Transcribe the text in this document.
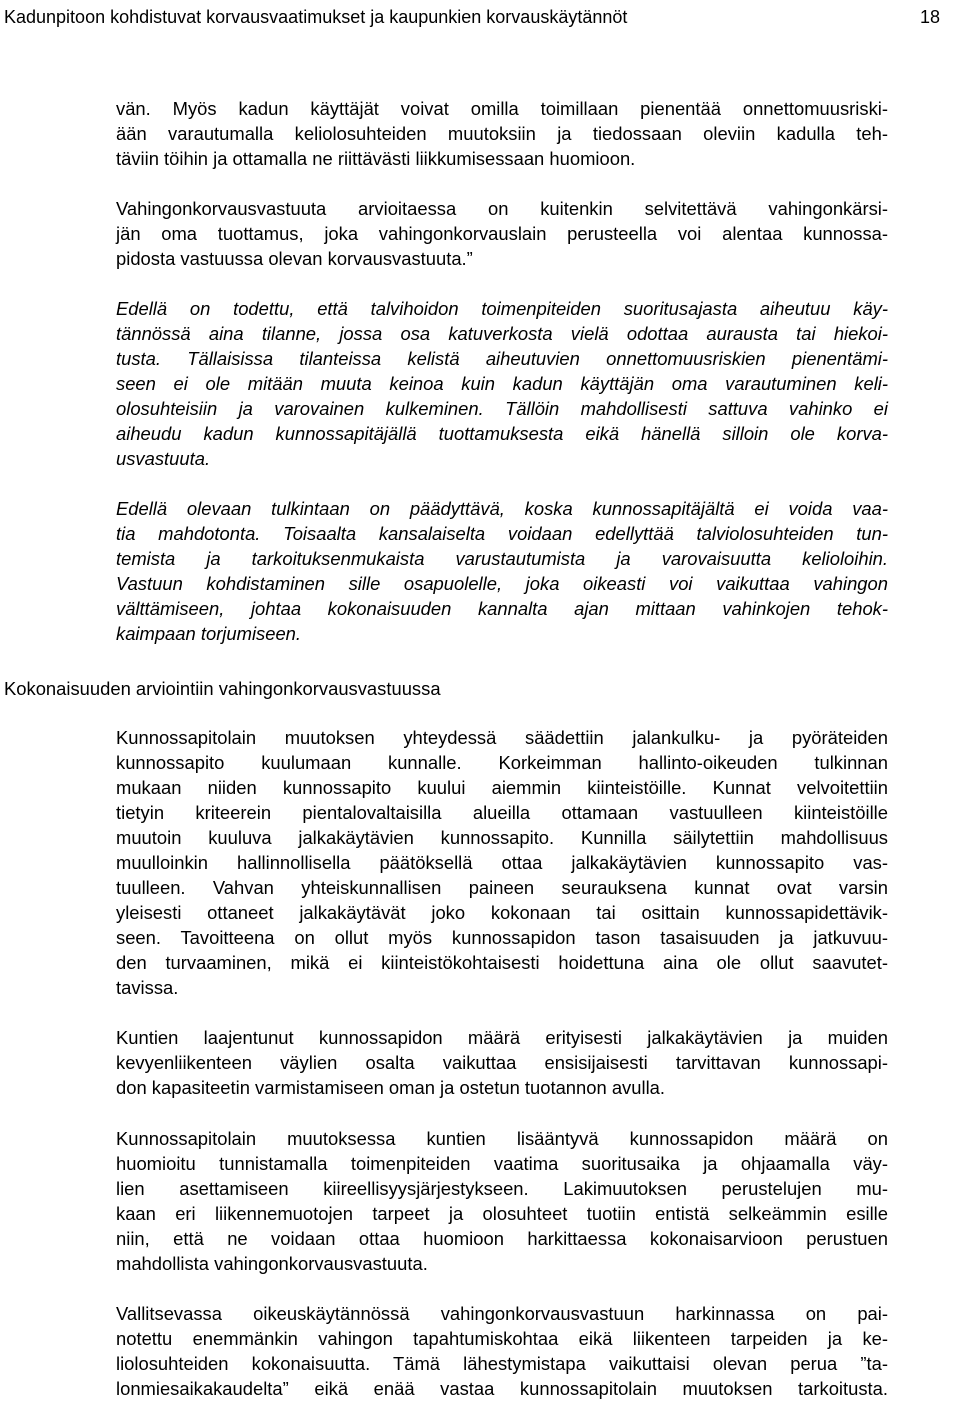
Kadunpitoon kohdistuvat korvausvaatimukset ja kaupunkien korvauskäytännöt	18
vän. Myös kadun käyttäjät voivat omilla toimillaan pienentää onnettomuusriski-
ään varautumalla keliolosuhteiden muutoksiin ja tiedossaan oleviin kadulla teh-
täviin töihin ja ottamalla ne riittävästi liikkumisessaan huomioon.
Vahingonkorvausvastuuta arvioitaessa on kuitenkin selvitettävä vahingonkärsi-
jän oma tuottamus, joka vahingonkorvauslain perusteella voi alentaa kunnossa-
pidosta vastuussa olevan korvausvastuuta.”
Edellä on todettu, että talvihoidon toimenpiteiden suoritusajasta aiheutuu käy-
tännössä aina tilanne, jossa osa katuverkosta vielä odottaa aurausta tai hiekoi-
tusta. Tällaisissa tilanteissa kelistä aiheutuvien onnettomuusriskien pienentämi-
seen ei ole mitään muuta keinoa kuin kadun käyttäjän oma varautuminen keli-
olosuhteisiin ja varovainen kulkeminen. Tällöin mahdollisesti sattuva vahinko ei
aiheudu kadun kunnossapitäjällä tuottamuksesta eikä hänellä silloin ole korva-
usvastuuta.
Edellä olevaan tulkintaan on päädyttävä, koska kunnossapitäjältä ei voida vaa-
tia mahdotonta. Toisaalta kansalaiselta voidaan edellyttää talviolosuhteiden tun-
temista ja tarkoituksenmukaista varustautumista ja varovaisuutta kelioloihin.
Vastuun kohdistaminen sille osapuolelle, joka oikeasti voi vaikuttaa vahingon
välttämiseen, johtaa kokonaisuuden kannalta ajan mittaan vahinkojen tehok-
kaimpaan torjumiseen.
Kokonaisuuden arviointiin vahingonkorvausvastuussa
Kunnossapitolain muutoksen yhteydessä säädettiin jalankulku- ja pyöräteiden
kunnossapito kuulumaan kunnalle. Korkeimman hallinto-oikeuden tulkinnan
mukaan niiden kunnossapito kuului aiemmin kiinteistöille. Kunnat velvoitettiin
tietyin kriteerein pientalovaltaisilla alueilla ottamaan vastuulleen kiinteistöille
muutoin kuuluva jalkakäytävien kunnossapito. Kunnilla säilytettiin mahdollisuus
muulloinkin hallinnollisella päätöksellä ottaa jalkakäytävien kunnossapito vas-
tuulleen. Vahvan yhteiskunnallisen paineen seurauksena kunnat ovat varsin
yleisesti ottaneet jalkakäytävät joko kokonaan tai osittain kunnossapidettävik-
seen. Tavoitteena on ollut myös kunnossapidon tason tasaisuuden ja jatkuvuu-
den turvaaminen, mikä ei kiinteistökohtaisesti hoidettuna aina ole ollut saavutet-
tavissa.
Kuntien laajentunut kunnossapidon määrä erityisesti jalkakäytävien ja muiden
kevyenliikenteen väylien osalta vaikuttaa ensisijaisesti tarvittavan kunnossapi-
don kapasiteetin varmistamiseen oman ja ostetun tuotannon avulla.
Kunnossapitolain muutoksessa kuntien lisääntyvä kunnossapidon määrä on
huomioitu tunnistamalla toimenpiteiden vaatima suoritusaika ja ohjaamalla väy-
lien asettamiseen kiireellisyysjärjestykseen. Lakimuutoksen perustelujen mu-
kaan eri liikennemuotojen tarpeet ja olosuhteet tuotiin entistä selkeämmin esille
niin, että ne voidaan ottaa huomioon harkittaessa kokonaisarvioon perustuen
mahdollista vahingonkorvausvastuuta.
Vallitsevassa oikeuskäytännössä vahingonkorvausvastuun harkinnassa on pai-
notettu enemmänkin vahingon tapahtumiskohtaa eikä liikenteen tarpeiden ja ke-
liolosuhteiden kokonaisuutta. Tämä lähestymistapa vaikuttaisi olevan perua ”ta-
lonmiesaikakaudelta” eikä enää vastaa kunnossapitolain muutoksen tarkoitusta.
